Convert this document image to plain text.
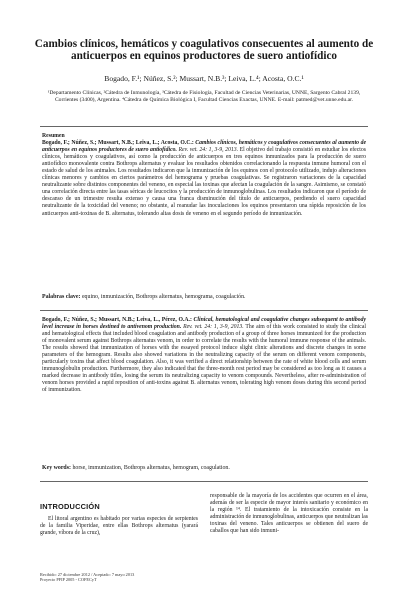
Cambios clínicos, hemáticos y coagulativos consecuentes al aumento de anticuerpos en equinos productores de suero antiofídico
Bogado, F.¹; Núñez, S.²; Mussart, N.B.³; Leiva, L.⁴; Acosta, O.C.¹
¹Departamento Clínicas, ²Cátedra de Inmunología, ³Cátedra de Fisiología, Facultad de Ciencias Veterinarias, UNNE, Sargento Cabral 2139, Corrientes (3400), Argentina. ⁴Cátedra de Química Biológica I, Facultad Ciencias Exactas, UNNE. E-mail: patmed@vet.unne.edu.ar.

Resumen

Bogado, F.; Núñez, S.; Mussart, N.B.; Leiva, L.; Acosta, O.C.: Cambios clínicos, hemáticos y coagulativos consecuentes al aumento de anticuerpos en equinos productores de suero antiofídico. Rev. vet. 24: 1, 3-9, 2013. El objetivo del trabajo consistió en estudiar los efectos clínicos, hemáticos y coagulativos, así como la producción de anticuerpos en tres equinos inmunizados para la producción de suero antiofídico monovalente contra Bothrops alternatus y evaluar los resultados obtenidos correlacionando la respuesta inmune humoral con el estado de salud de los animales. Los resultados indicaron que la inmunización de los equinos con el protocolo utilizado, indujo alteraciones clínicas menores y cambios en ciertos parámetros del hemograma y pruebas coagulativas. Se registraron variaciones de la capacidad neutralizante sobre distintos componentes del veneno, en especial las toxinas que afectan la coagulación de la sangre. Asimismo, se constató una correlación directa entre las tasas séricas de leucocitos y la producción de inmunoglobulinas. Los resultados indicaron que el período de descanso de un trimestre resulta extenso y causa una franca disminución del título de anticuerpos, perdiendo el suero capacidad neutralizante de la toxicidad del veneno; no obstante, al reanudar las inoculaciones los equinos presentaron una rápida reposición de los anticuerpos anti-toxinas de B. alternatus, tolerando altas dosis de veneno en el segundo período de inmunización.

Palabras clave: equino, inmunización, Bothrops alternatus, hemograma, coagulación.

Bogado, F.; Núñez, S.; Mussart, N.B.; Leiva, L., Pérez, O.A.: Clinical, hematological and coagulative changes subsequent to antibody level increase in horses destined to antivenom production. Rev. vet. 24: 1, 3-9, 2013. The aim of this work consisted to study the clinical and hematological effects that included blood coagulation and antibody production of a group of three horses immunized for the production of monovalent serum against Bothrops alternatus venom, in order to correlate the results with the humoral immune response of the animals. The results showed that immunization of horses with the essayed protocol induce slight clinic alterations and discrete changes in some parameters of the hemogram. Results also showed variations in the neutralizing capacity of the serum on different venom components, particularly toxins that affect blood coagulation. Also, it was verified a direct relationship between the rate of white blood cells and serum immunoglobulin production. Furthermore, they also indicated that the three-month rest period may be considered as too long as it causes a marked decrease in antibody titles, losing the serum its neutralizing capacity to venom compounds. Nevertheless, after re-administration of venom horses provided a rapid reposition of anti-toxins against B. alternatus venom, tolerating high venom doses during this second period of immunization.

Key words: horse, immunization, Bothrops alternatus, hemogram, coagulation.
INTRODUCCIÓN

El litoral argentino es habitado por varias especies de serpientes de la familia Viperidae, entre ellas Bothrops alternatus (yarará grande, víbora de la cruz),

responsable de la mayoría de los accidentes que ocurren en el área, además de ser la especie de mayor interés sanitario y económico en la región ¹⁴. El tratamiento de la intoxicación consiste en la administración de inmunoglobulinas, anticuerpos que neutralizan las toxinas del veneno. Tales anticuerpos se obtienen del suero de caballos que han sido inmuni-

Recibido: 27 diciembre 2012 / Aceptado: 7 mayo 2013
Proyecto PFIP 2005 - COFECyT
